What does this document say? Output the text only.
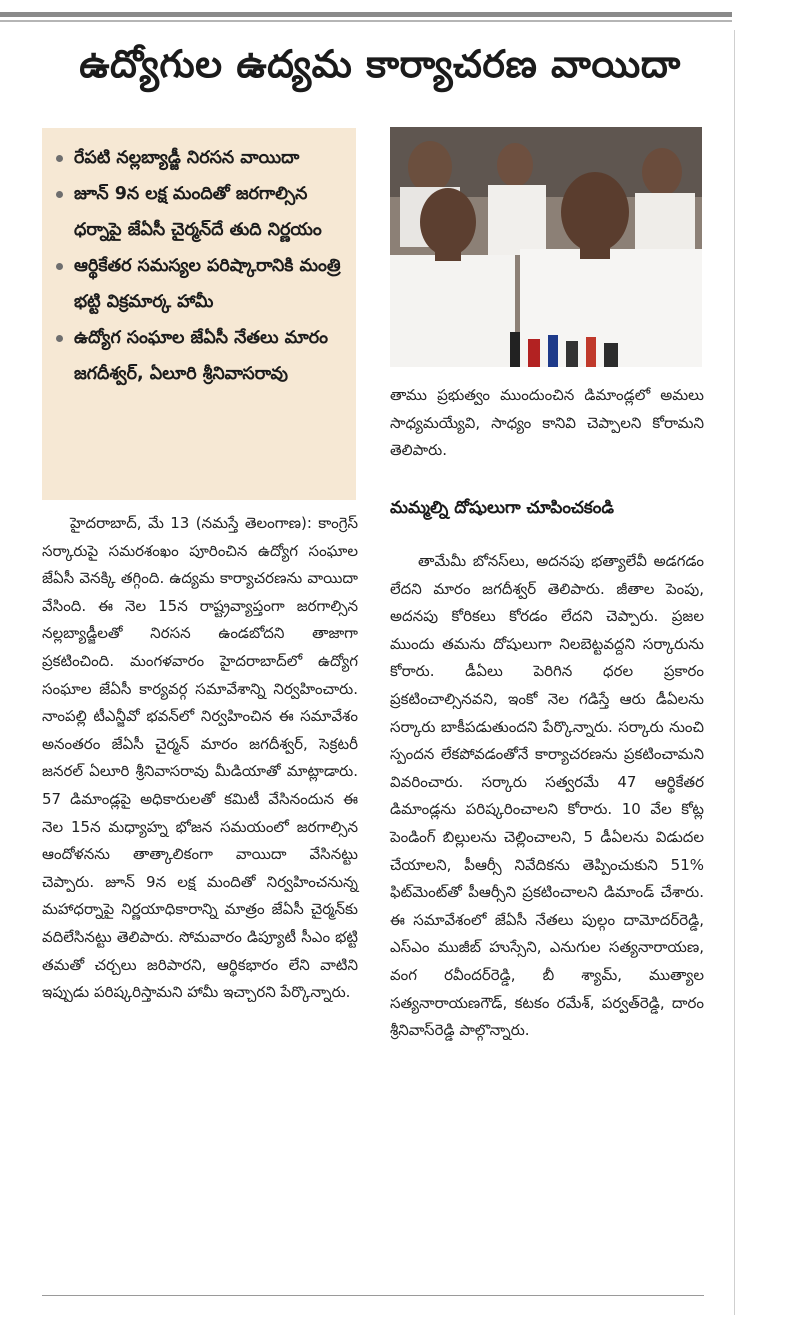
ఉద్యోగుల ఉద్యమ కార్యాచరణ వాయిదా
రేపటి నల్లబ్యాడ్జీ నిరసన వాయిదా
జూన్ 9న లక్ష మందితో జరగాల్సిన ధర్నాపై జేఏసీ చైర్మన్‌దే తుది నిర్ణయం
ఆర్థికేతర సమస్యల పరిష్కారానికి మంత్రి భట్టి విక్రమార్క హామీ
ఉద్యోగ సంఘాల జేఏసీ నేతలు మారం జగదీశ్వర్, ఏలూరి శ్రీనివాసరావు

హైదరాబాద్, మే 13 (నమస్తే తెలంగాణ): కాంగ్రెస్ సర్కారుపై సమరశంఖం పూరించిన ఉద్యోగ సంఘాల జేఏసీ వెనక్కి తగ్గింది. ఉద్యమ కార్యాచరణను వాయిదా వేసింది. ఈ నెల 15న రాష్ట్రవ్యాప్తంగా జరగాల్సిన నల్లబ్యాడ్జీలతో నిరసన ఉండబోదని తాజాగా ప్రకటించింది. మంగళవారం హైదరాబాద్‌లో ఉద్యోగ సంఘాల జేఏసీ కార్యవర్గ సమావేశాన్ని నిర్వహించారు. నాంపల్లి టీఎన్జీవో భవన్‌లో నిర్వహించిన ఈ సమావేశం అనంతరం జేఏసీ చైర్మన్ మారం జగదీశ్వర్, సెక్రటరీ జనరల్ ఏలూరి శ్రీనివాసరావు మీడియాతో మాట్లాడారు. 57 డిమాండ్లపై అధికారులతో కమిటీ వేసినందున ఈ నెల 15న మధ్యాహ్న భోజన సమయంలో జరగాల్సిన ఆందోళనను తాత్కాలికంగా వాయిదా వేసినట్టు చెప్పారు. జూన్ 9న లక్ష మందితో నిర్వహించనున్న మహాధర్నాపై నిర్ణయాధికారాన్ని మాత్రం జేఏసీ చైర్మన్‌కు వదిలేసినట్టు తెలిపారు. సోమవారం డిప్యూటీ సీఎం భట్టి తమతో చర్చలు జరిపారని, ఆర్థికభారం లేని వాటిని ఇప్పుడు పరిష్కరిస్తామని హామీ ఇచ్చారని పేర్కొన్నారు.

తాము ప్రభుత్వం ముందుంచిన డిమాండ్లలో అమలు సాధ్యమయ్యేవి, సాధ్యం కానివి చెప్పాలని కోరామని తెలిపారు.

మమ్మల్ని దోషులుగా చూపించకండి

తామేమీ బోనస్‌లు, అదనపు భత్యాలేవీ అడగడం లేదని మారం జగదీశ్వర్ తెలిపారు. జీతాల పెంపు, అదనపు కోరికలు కోరడం లేదని చెప్పారు. ప్రజల ముందు తమను దోషులుగా నిలబెట్టవద్దని సర్కారును కోరారు. డీఏలు పెరిగిన ధరల ప్రకారం ప్రకటించాల్సినవని, ఇంకో నెల గడిస్తే ఆరు డీఏలను సర్కారు బాకీపడుతుందని పేర్కొన్నారు. సర్కారు నుంచి స్పందన లేకపోవడంతోనే కార్యాచరణను ప్రకటించామని వివరించారు. సర్కారు సత్వరమే 47 ఆర్థికేతర డిమాండ్లను పరిష్కరించాలని కోరారు. 10 వేల కోట్ల పెండింగ్ బిల్లులను చెల్లించాలని, 5 డీఏలను విడుదల చేయాలని, పీఆర్సీ నివేదికను తెప్పించుకుని 51% ఫిట్‌మెంట్‌తో పీఆర్సీని ప్రకటించాలని డిమాండ్ చేశారు. ఈ సమావేశంలో జేఏసీ నేతలు పుల్గం దామోదర్‌రెడ్డి, ఎస్‌ఎం ముజీబ్ హుస్సేని, ఎనుగుల సత్యనారాయణ, వంగ రవీందర్‌రెడ్డి, బీ శ్యామ్, ముత్యాల సత్యనారాయణగౌడ్, కటకం రమేశ్, పర్వత్‌రెడ్డి, దారం శ్రీనివాస్‌రెడ్డి పాల్గొన్నారు.
